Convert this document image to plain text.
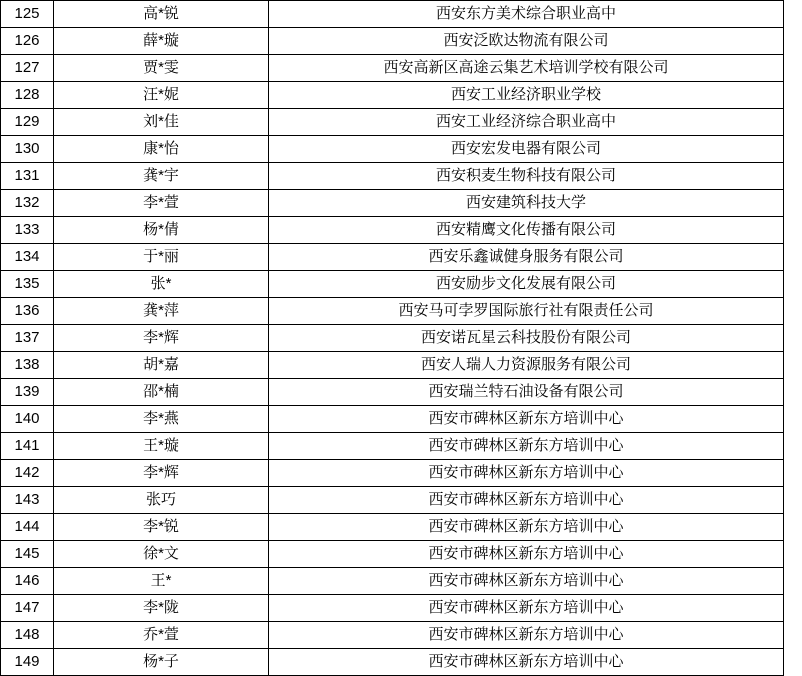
125	高*锐	西安东方美术综合职业高中
126	薛*璇	西安泛欧达物流有限公司
127	贾*雯	西安高新区高途云集艺术培训学校有限公司
128	汪*妮	西安工业经济职业学校
129	刘*佳	西安工业经济综合职业高中
130	康*怡	西安宏发电器有限公司
131	龚*宇	西安积麦生物科技有限公司
132	李*萱	西安建筑科技大学
133	杨*倩	西安精鹰文化传播有限公司
134	于*丽	西安乐鑫诚健身服务有限公司
135	张*	西安励步文化发展有限公司
136	龚*萍	西安马可孛罗国际旅行社有限责任公司
137	李*辉	西安诺瓦星云科技股份有限公司
138	胡*嘉	西安人瑞人力资源服务有限公司
139	邵*楠	西安瑞兰特石油设备有限公司
140	李*燕	西安市碑林区新东方培训中心
141	王*璇	西安市碑林区新东方培训中心
142	李*辉	西安市碑林区新东方培训中心
143	张巧	西安市碑林区新东方培训中心
144	李*锐	西安市碑林区新东方培训中心
145	徐*文	西安市碑林区新东方培训中心
146	王*	西安市碑林区新东方培训中心
147	李*陇	西安市碑林区新东方培训中心
148	乔*萱	西安市碑林区新东方培训中心
149	杨*子	西安市碑林区新东方培训中心
